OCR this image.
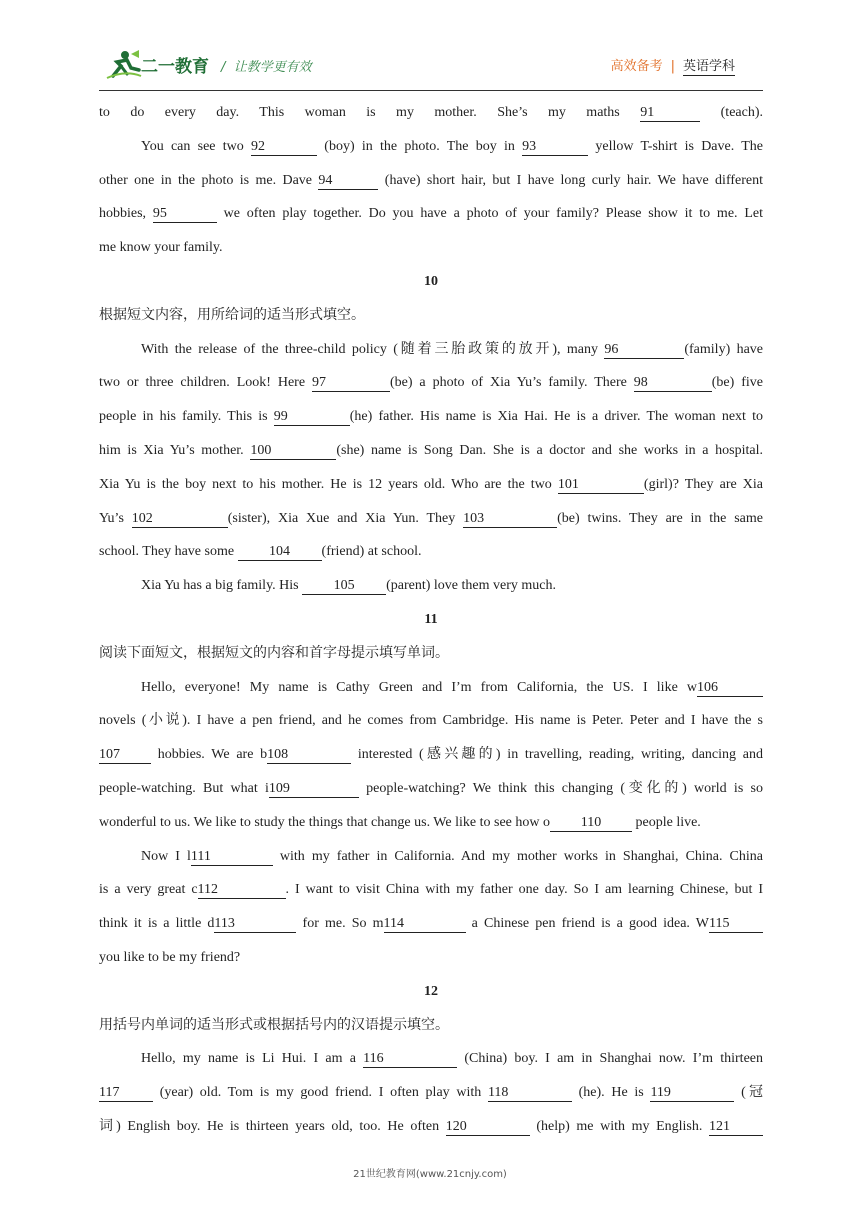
二一教育 /  让教学更有效	高效备考 | 英语学科
to do every day. This woman is my mother. She’s my maths 91	(teach).
You can see two 92	(boy) in the photo. The boy in 93	yellow T-shirt is Dave. The
other one in the photo is me. Dave 94	(have) short hair, but I have long curly hair. We have different
hobbies, 95	we often play together. Do you have a photo of your family? Please show it to me. Let
me know your family.
10
根据短文内容，用所给词的适当形式填空。
With the release of the three-child policy (随着三胎政策的放开), many 96	(family) have
two or three children. Look! Here 97	(be) a photo of Xia Yu’s family. There 98	(be) five
people in his family. This is 99	(he) father. His name is Xia Hai. He is a driver. The woman next to
him is Xia Yu’s mother. 100	(she) name is Song Dan. She is a doctor and she works in a hospital.
Xia Yu is the boy next to his mother. He is 12 years old. Who are the two 101	(girl)? They are Xia
Yu’s 102	(sister), Xia Xue and Xia Yun. They 103	(be) twins. They are in the same
school. They have some 104 (friend) at school.
Xia Yu has a big family. His 105 (parent) love them very much.
11
阅读下面短文，根据短文的内容和首字母提示填写单词。
Hello, everyone! My name is Cathy Green and I’m from California, the US. I like w106
novels (小说). I have a pen friend, and he comes from Cambridge. His name is Peter. Peter and I have the s
107 hobbies. We are b108	interested (感兴趣的) in travelling, reading, writing, dancing and
people-watching. But what i109	people-watching? We think this changing (变化的) world is so
wonderful to us. We like to study the things that change us. We like to see how o 110 people live.
Now I l111	with my father in California. And my mother works in Shanghai, China. China
is a very great c112	. I want to visit China with my father one day. So I am learning Chinese, but I
think it is a little d113	for me. So m114	a Chinese pen friend is a good idea. W115
you like to be my friend?
12
用括号内单词的适当形式或根据括号内的汉语提示填空。
Hello, my name is Li Hui. I am a 116	(China) boy. I am in Shanghai now. I’m thirteen
117 (year) old. Tom is my good friend. I often play with 118	(he). He is 119	(冠
词) English boy. He is thirteen years old, too. He often 120	(help) me with my English. 121
21世纪教育网(www.21cnjy.com)
